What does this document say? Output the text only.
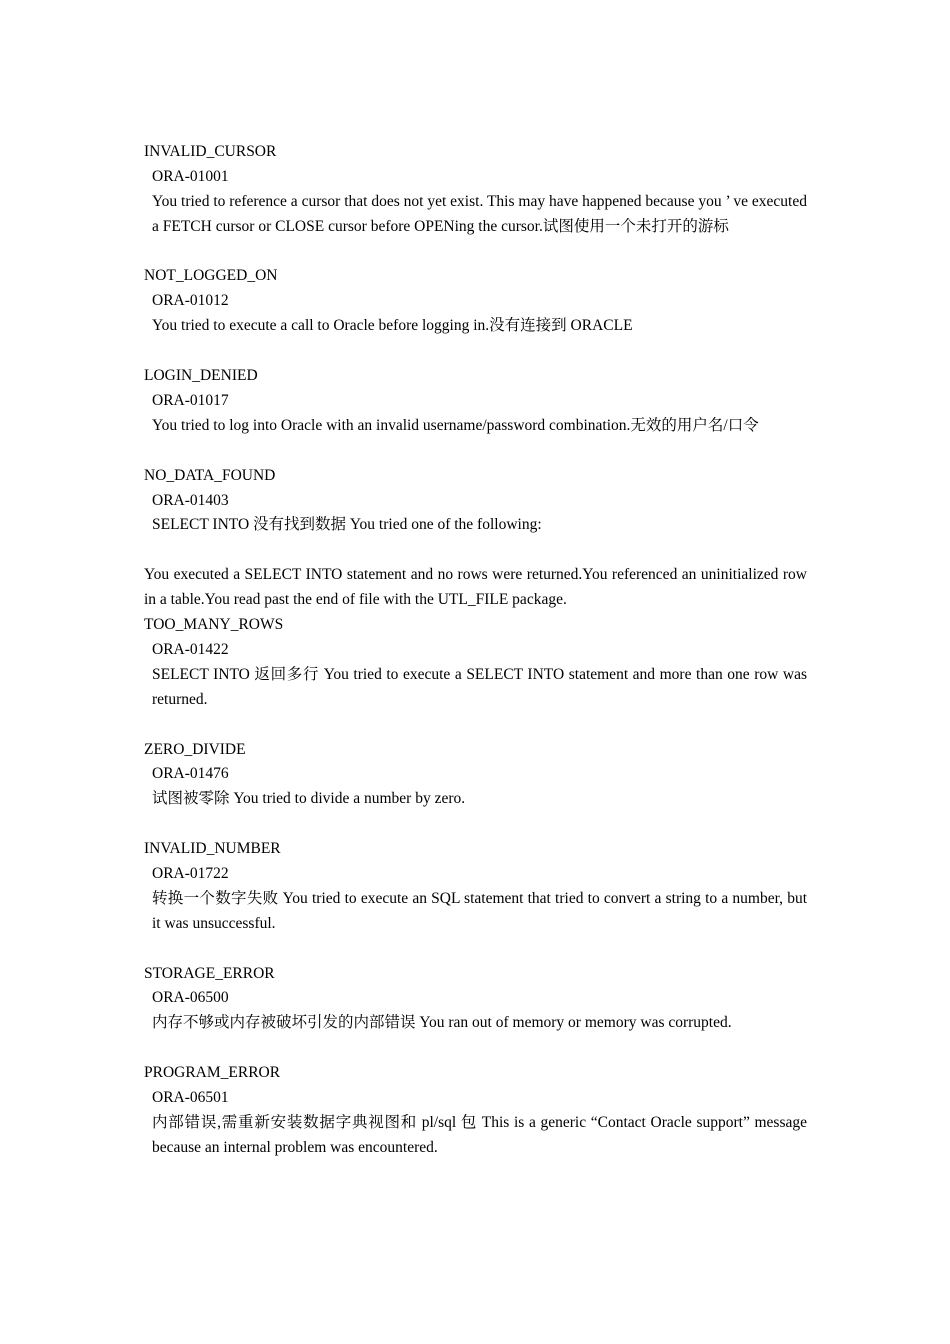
INVALID_CURSOR
ORA-01001
You tried to reference a cursor that does not yet exist. This may have happened because you ’ ve executed a FETCH cursor or CLOSE cursor before OPENing the cursor.试图使用一个未打开的游标
NOT_LOGGED_ON
ORA-01012
You tried to execute a call to Oracle before logging in.没有连接到 ORACLE
LOGIN_DENIED
ORA-01017
You tried to log into Oracle with an invalid username/password combination.无效的用户名/口令
NO_DATA_FOUND
ORA-01403
SELECT INTO 没有找到数据 You tried one of the following:
You executed a SELECT INTO statement and no rows were returned.You referenced an uninitialized row in a table.You read past the end of file with the UTL_FILE package.
TOO_MANY_ROWS
ORA-01422
SELECT INTO 返回多行 You tried to execute a SELECT INTO statement and more than one row was returned.
ZERO_DIVIDE
ORA-01476
试图被零除 You tried to divide a number by zero.
INVALID_NUMBER
ORA-01722
转换一个数字失败 You tried to execute an SQL statement that tried to convert a string to a number, but it was unsuccessful.
STORAGE_ERROR
ORA-06500
内存不够或内存被破坏引发的内部错误 You ran out of memory or memory was corrupted.
PROGRAM_ERROR
ORA-06501
内部错误,需重新安装数据字典视图和 pl/sql 包 This is a generic “Contact Oracle support” message because an internal problem was encountered.
